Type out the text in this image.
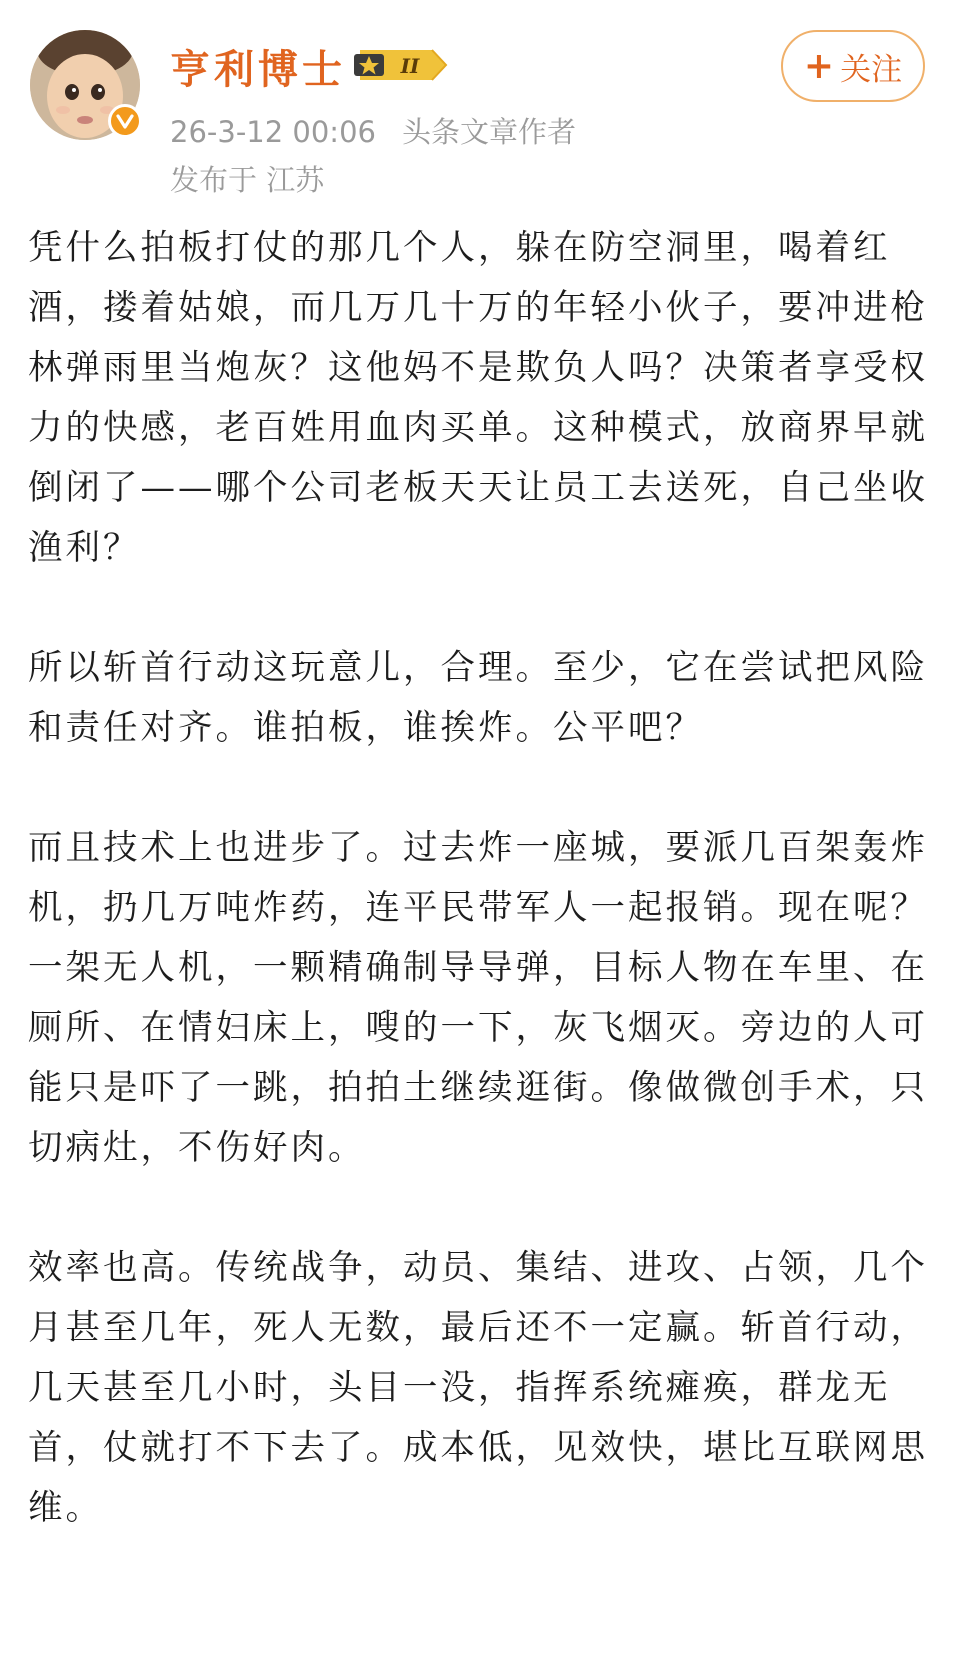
亨利博士	II
26-3-12 00:06 头条文章作者
发布于 江苏
+ 关注

凭什么拍板打仗的那几个人，躲在防空洞里，喝着红酒，搂着姑娘，而几万几十万的年轻小伙子，要冲进枪林弹雨里当炮灰？这他妈不是欺负人吗？决策者享受权力的快感，老百姓用血肉买单。这种模式，放商界早就倒闭了——哪个公司老板天天让员工去送死，自己坐收渔利？

所以斩首行动这玩意儿，合理。至少，它在尝试把风险和责任对齐。谁拍板，谁挨炸。公平吧？

而且技术上也进步了。过去炸一座城，要派几百架轰炸机，扔几万吨炸药，连平民带军人一起报销。现在呢？一架无人机，一颗精确制导导弹，目标人物在车里、在厕所、在情妇床上，嗖的一下，灰飞烟灭。旁边的人可能只是吓了一跳，拍拍土继续逛街。像做微创手术，只切病灶，不伤好肉。

效率也高。传统战争，动员、集结、进攻、占领，几个月甚至几年，死人无数，最后还不一定赢。斩首行动，几天甚至几小时，头目一没，指挥系统瘫痪，群龙无首，仗就打不下去了。成本低，见效快，堪比互联网思维。
